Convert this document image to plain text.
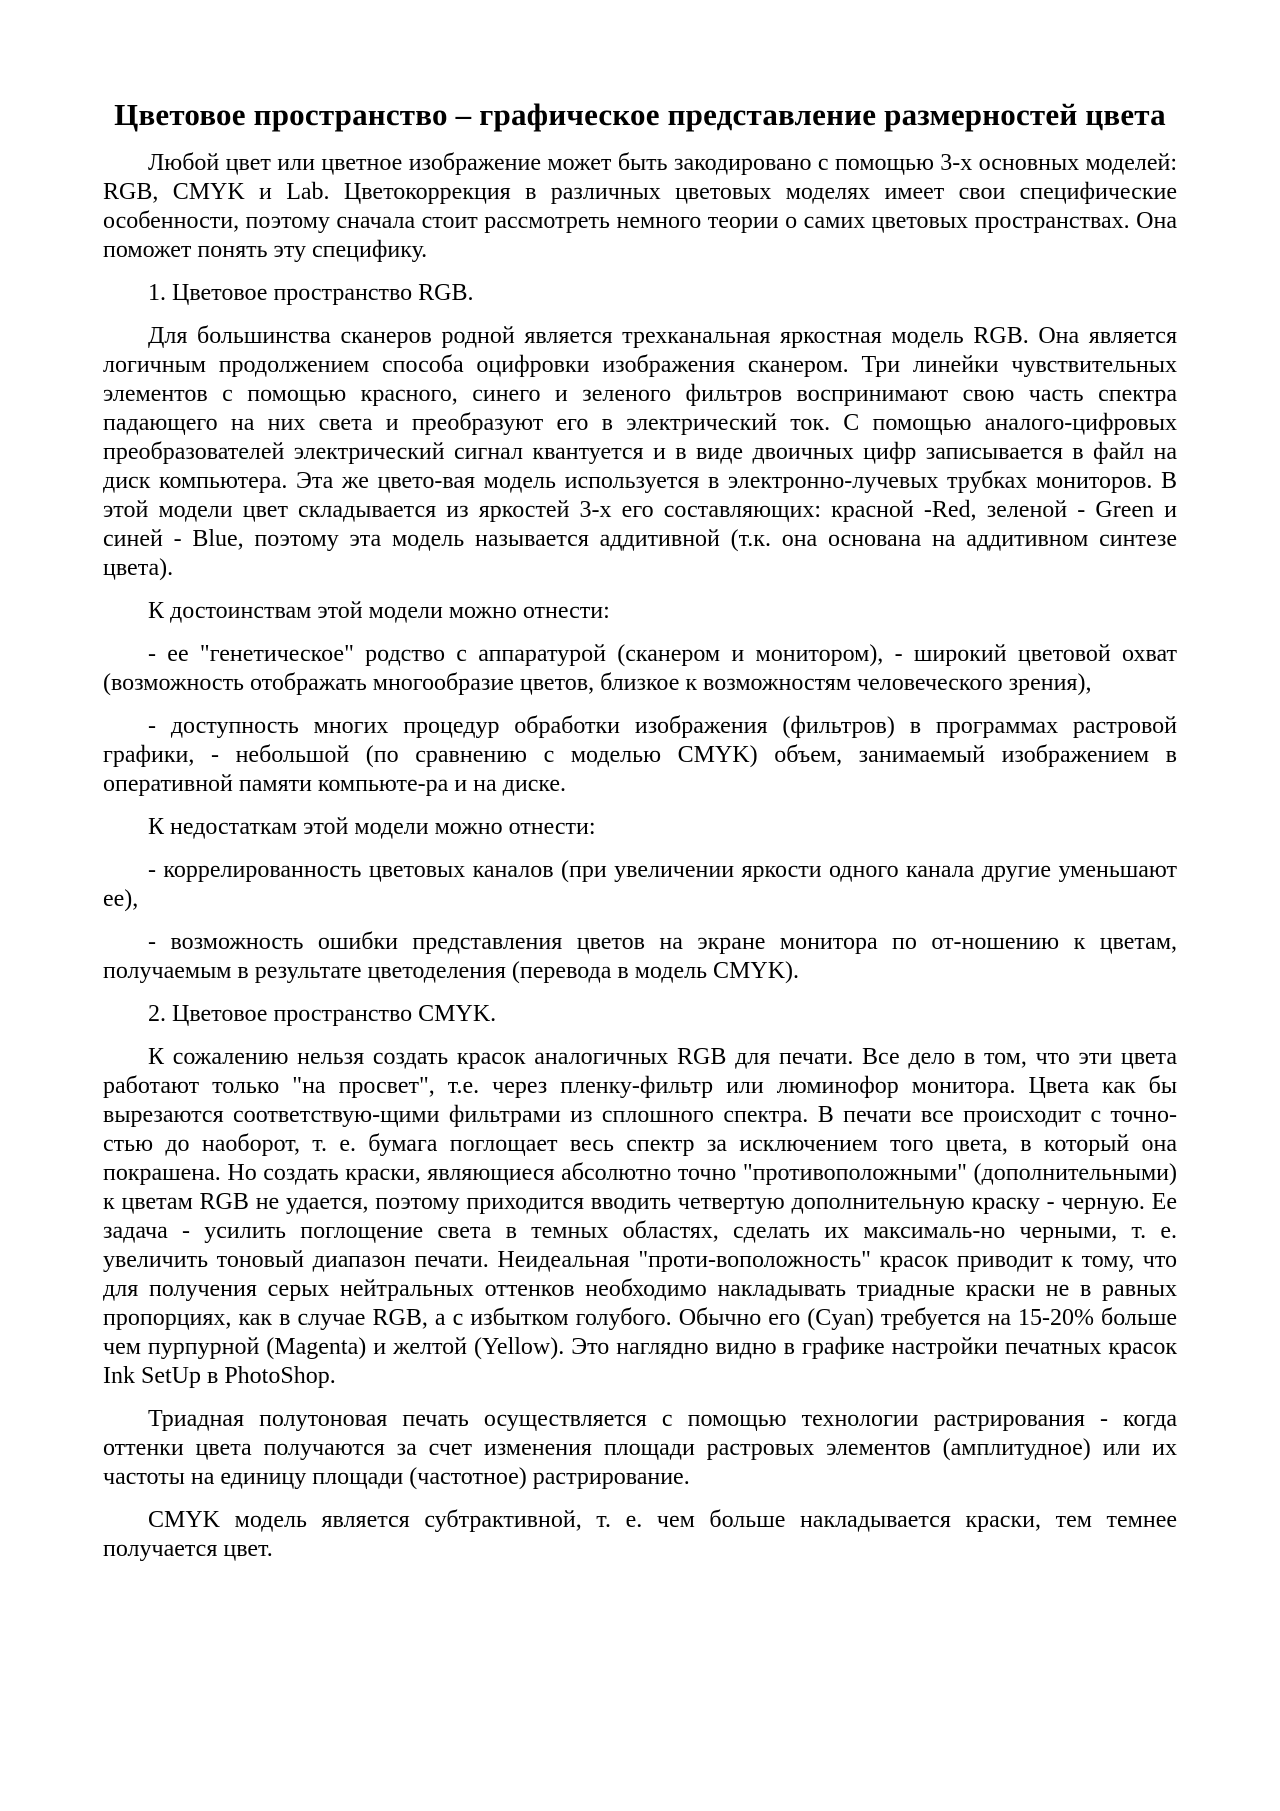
Цветовое пространство – графическое представление размерностей цвета

Любой цвет или цветное изображение может быть закодировано с помощью 3-х основных моделей: RGB, CMYK и Lab. Цветокоррекция в различных цветовых моделях имеет свои специфические особенности, поэтому сначала стоит рассмотреть немного теории о самих цветовых пространствах. Она поможет понять эту специфику.

1. Цветовое пространство RGB.

Для большинства сканеров родной является трехканальная яркостная модель RGB. Она является логичным продолжением способа оцифровки изображения сканером. Три линейки чувствительных элементов с помощью красного, синего и зеленого фильтров воспринимают свою часть спектра падающего на них света и преобразуют его в электрический ток. С помощью аналого-цифровых преобразователей электрический сигнал квантуется и в виде двоичных цифр записывается в файл на диск компьютера. Эта же цвето-вая модель используется в электронно-лучевых трубках мониторов. В этой модели цвет складывается из яркостей 3-х его составляющих: красной -Red, зеленой - Green и синей - Blue, поэтому эта модель называется аддитивной (т.к. она основана на аддитивном синтезе цвета).

К достоинствам этой модели можно отнести:

- ее "генетическое" родство с аппаратурой (сканером и монитором), - широкий цветовой охват (возможность отображать многообразие цветов, близкое к возможностям человеческого зрения),

- доступность многих процедур обработки изображения (фильтров) в программах растровой графики, - небольшой (по сравнению с моделью CMYK) объем, занимаемый изображением в оперативной памяти компьюте-ра и на диске.

К недостаткам этой модели можно отнести:

- коррелированность цветовых каналов (при увеличении яркости одного канала другие уменьшают ее),

- возможность ошибки представления цветов на экране монитора по от-ношению к цветам, получаемым в результате цветоделения (перевода в модель CMYK).

2. Цветовое пространство CMYK.

К сожалению нельзя создать красок аналогичных RGB для печати. Все дело в том, что эти цвета работают только "на просвет", т.е. через пленку-фильтр или люминофор монитора. Цвета как бы вырезаются соответствую-щими фильтрами из сплошного спектра. В печати все происходит с точно-стью до наоборот, т. е. бумага поглощает весь спектр за исключением того цвета, в который она покрашена. Но создать краски, являющиеся абсолютно точно "противоположными" (дополнительными) к цветам RGB не удается, поэтому приходится вводить четвертую дополнительную краску - черную. Ее задача - усилить поглощение света в темных областях, сделать их максималь-но черными, т. е. увеличить тоновый диапазон печати. Неидеальная "проти-воположность" красок приводит к тому, что для получения серых нейтральных оттенков необходимо накладывать триадные краски не в равных пропорциях, как в случае RGB, а с избытком голубого. Обычно его (Cyan) требуется на 15-20% больше чем пурпурной (Magenta) и желтой (Yellow). Это наглядно видно в графике настройки печатных красок Ink SetUp в PhotoShop.

Триадная полутоновая печать осуществляется с помощью технологии растрирования - когда оттенки цвета получаются за счет изменения площади растровых элементов (амплитудное) или их частоты на единицу площади (частотное) растрирование.

CMYK модель является субтрактивной, т. е. чем больше накладывается краски, тем темнее получается цвет.
